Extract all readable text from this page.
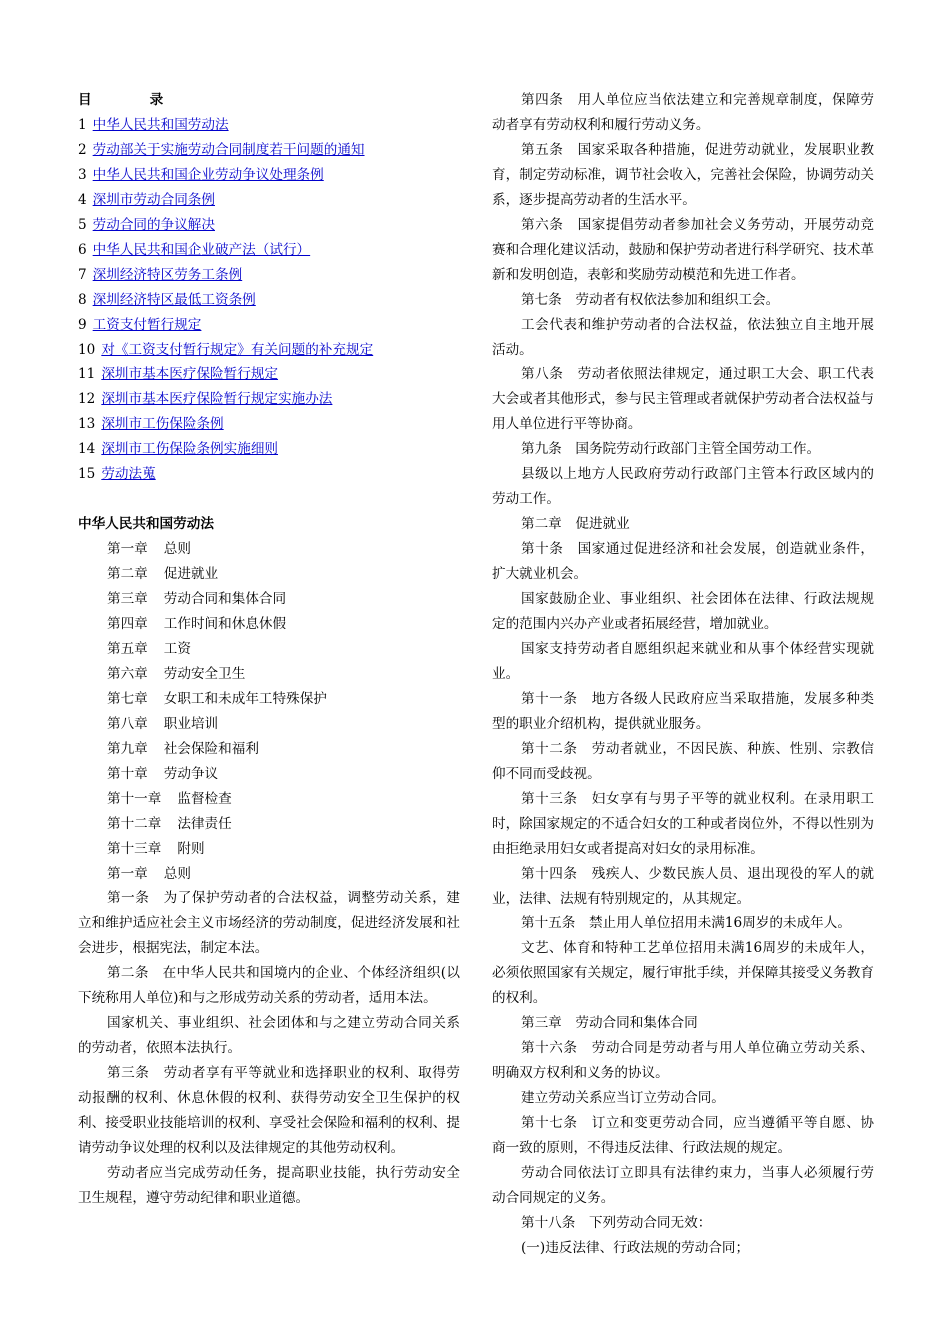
目	录
1 中华人民共和国劳动法
2 劳动部关于实施劳动合同制度若干问题的通知
3 中华人民共和国企业劳动争议处理条例
4 深圳市劳动合同条例
5 劳动合同的争议解决
6 中华人民共和国企业破产法（试行）
7 深圳经济特区劳务工条例
8 深圳经济特区最低工资条例
9 工资支付暂行规定
10 对《工资支付暂行规定》有关问题的补充规定
11 深圳市基本医疗保险暂行规定
12 深圳市基本医疗保险暂行规定实施办法
13 深圳市工伤保险条例
14 深圳市工伤保险条例实施细则
15 劳动法蒐
中华人民共和国劳动法
第一章 总则
第二章 促进就业
第三章 劳动合同和集体合同
第四章 工作时间和休息休假
第五章 工资
第六章 劳动安全卫生
第七章 女职工和未成年工特殊保护
第八章 职业培训
第九章 社会保险和福利
第十章 劳动争议
第十一章 监督检查
第十二章 法律责任
第十三章 附则
第一章 总则
第一条　为了保护劳动者的合法权益，调整劳动关系，建立和维护适应社会主义市场经济的劳动制度，促进经济发展和社会进步，根据宪法，制定本法。
第二条　在中华人民共和国境内的企业、个体经济组织(以下统称用人单位)和与之形成劳动关系的劳动者，适用本法。
国家机关、事业组织、社会团体和与之建立劳动合同关系的劳动者，依照本法执行。
第三条　劳动者享有平等就业和选择职业的权利、取得劳动报酬的权利、休息休假的权利、获得劳动安全卫生保护的权利、接受职业技能培训的权利、享受社会保险和福利的权利、提请劳动争议处理的权利以及法律规定的其他劳动权利。
劳动者应当完成劳动任务，提高职业技能，执行劳动安全卫生规程，遵守劳动纪律和职业道德。
第四条　用人单位应当依法建立和完善规章制度，保障劳动者享有劳动权利和履行劳动义务。
第五条　国家采取各种措施，促进劳动就业，发展职业教育，制定劳动标准，调节社会收入，完善社会保险，协调劳动关系，逐步提高劳动者的生活水平。
第六条　国家提倡劳动者参加社会义务劳动，开展劳动竞赛和合理化建议活动，鼓励和保护劳动者进行科学研究、技术革新和发明创造，表彰和奖励劳动模范和先进工作者。
第七条　劳动者有权依法参加和组织工会。
工会代表和维护劳动者的合法权益，依法独立自主地开展活动。
第八条　劳动者依照法律规定，通过职工大会、职工代表大会或者其他形式，参与民主管理或者就保护劳动者合法权益与用人单位进行平等协商。
第九条　国务院劳动行政部门主管全国劳动工作。
县级以上地方人民政府劳动行政部门主管本行政区域内的劳动工作。
第二章　促进就业
第十条　国家通过促进经济和社会发展，创造就业条件，扩大就业机会。
国家鼓励企业、事业组织、社会团体在法律、行政法规规定的范围内兴办产业或者拓展经营，增加就业。
国家支持劳动者自愿组织起来就业和从事个体经营实现就业。
第十一条　地方各级人民政府应当采取措施，发展多种类型的职业介绍机构，提供就业服务。
第十二条　劳动者就业，不因民族、种族、性别、宗教信仰不同而受歧视。
第十三条　妇女享有与男子平等的就业权利。在录用职工时，除国家规定的不适合妇女的工种或者岗位外，不得以性别为由拒绝录用妇女或者提高对妇女的录用标准。
第十四条　残疾人、少数民族人员、退出现役的军人的就业，法律、法规有特别规定的，从其规定。
第十五条　禁止用人单位招用未满16周岁的未成年人。
文艺、体育和特种工艺单位招用未满16周岁的未成年人，必须依照国家有关规定，履行审批手续，并保障其接受义务教育的权利。
第三章　劳动合同和集体合同
第十六条　劳动合同是劳动者与用人单位确立劳动关系、明确双方权利和义务的协议。
建立劳动关系应当订立劳动合同。
第十七条　订立和变更劳动合同，应当遵循平等自愿、协商一致的原则，不得违反法律、行政法规的规定。
劳动合同依法订立即具有法律约束力，当事人必须履行劳动合同规定的义务。
第十八条　下列劳动合同无效：
(一)违反法律、行政法规的劳动合同；
